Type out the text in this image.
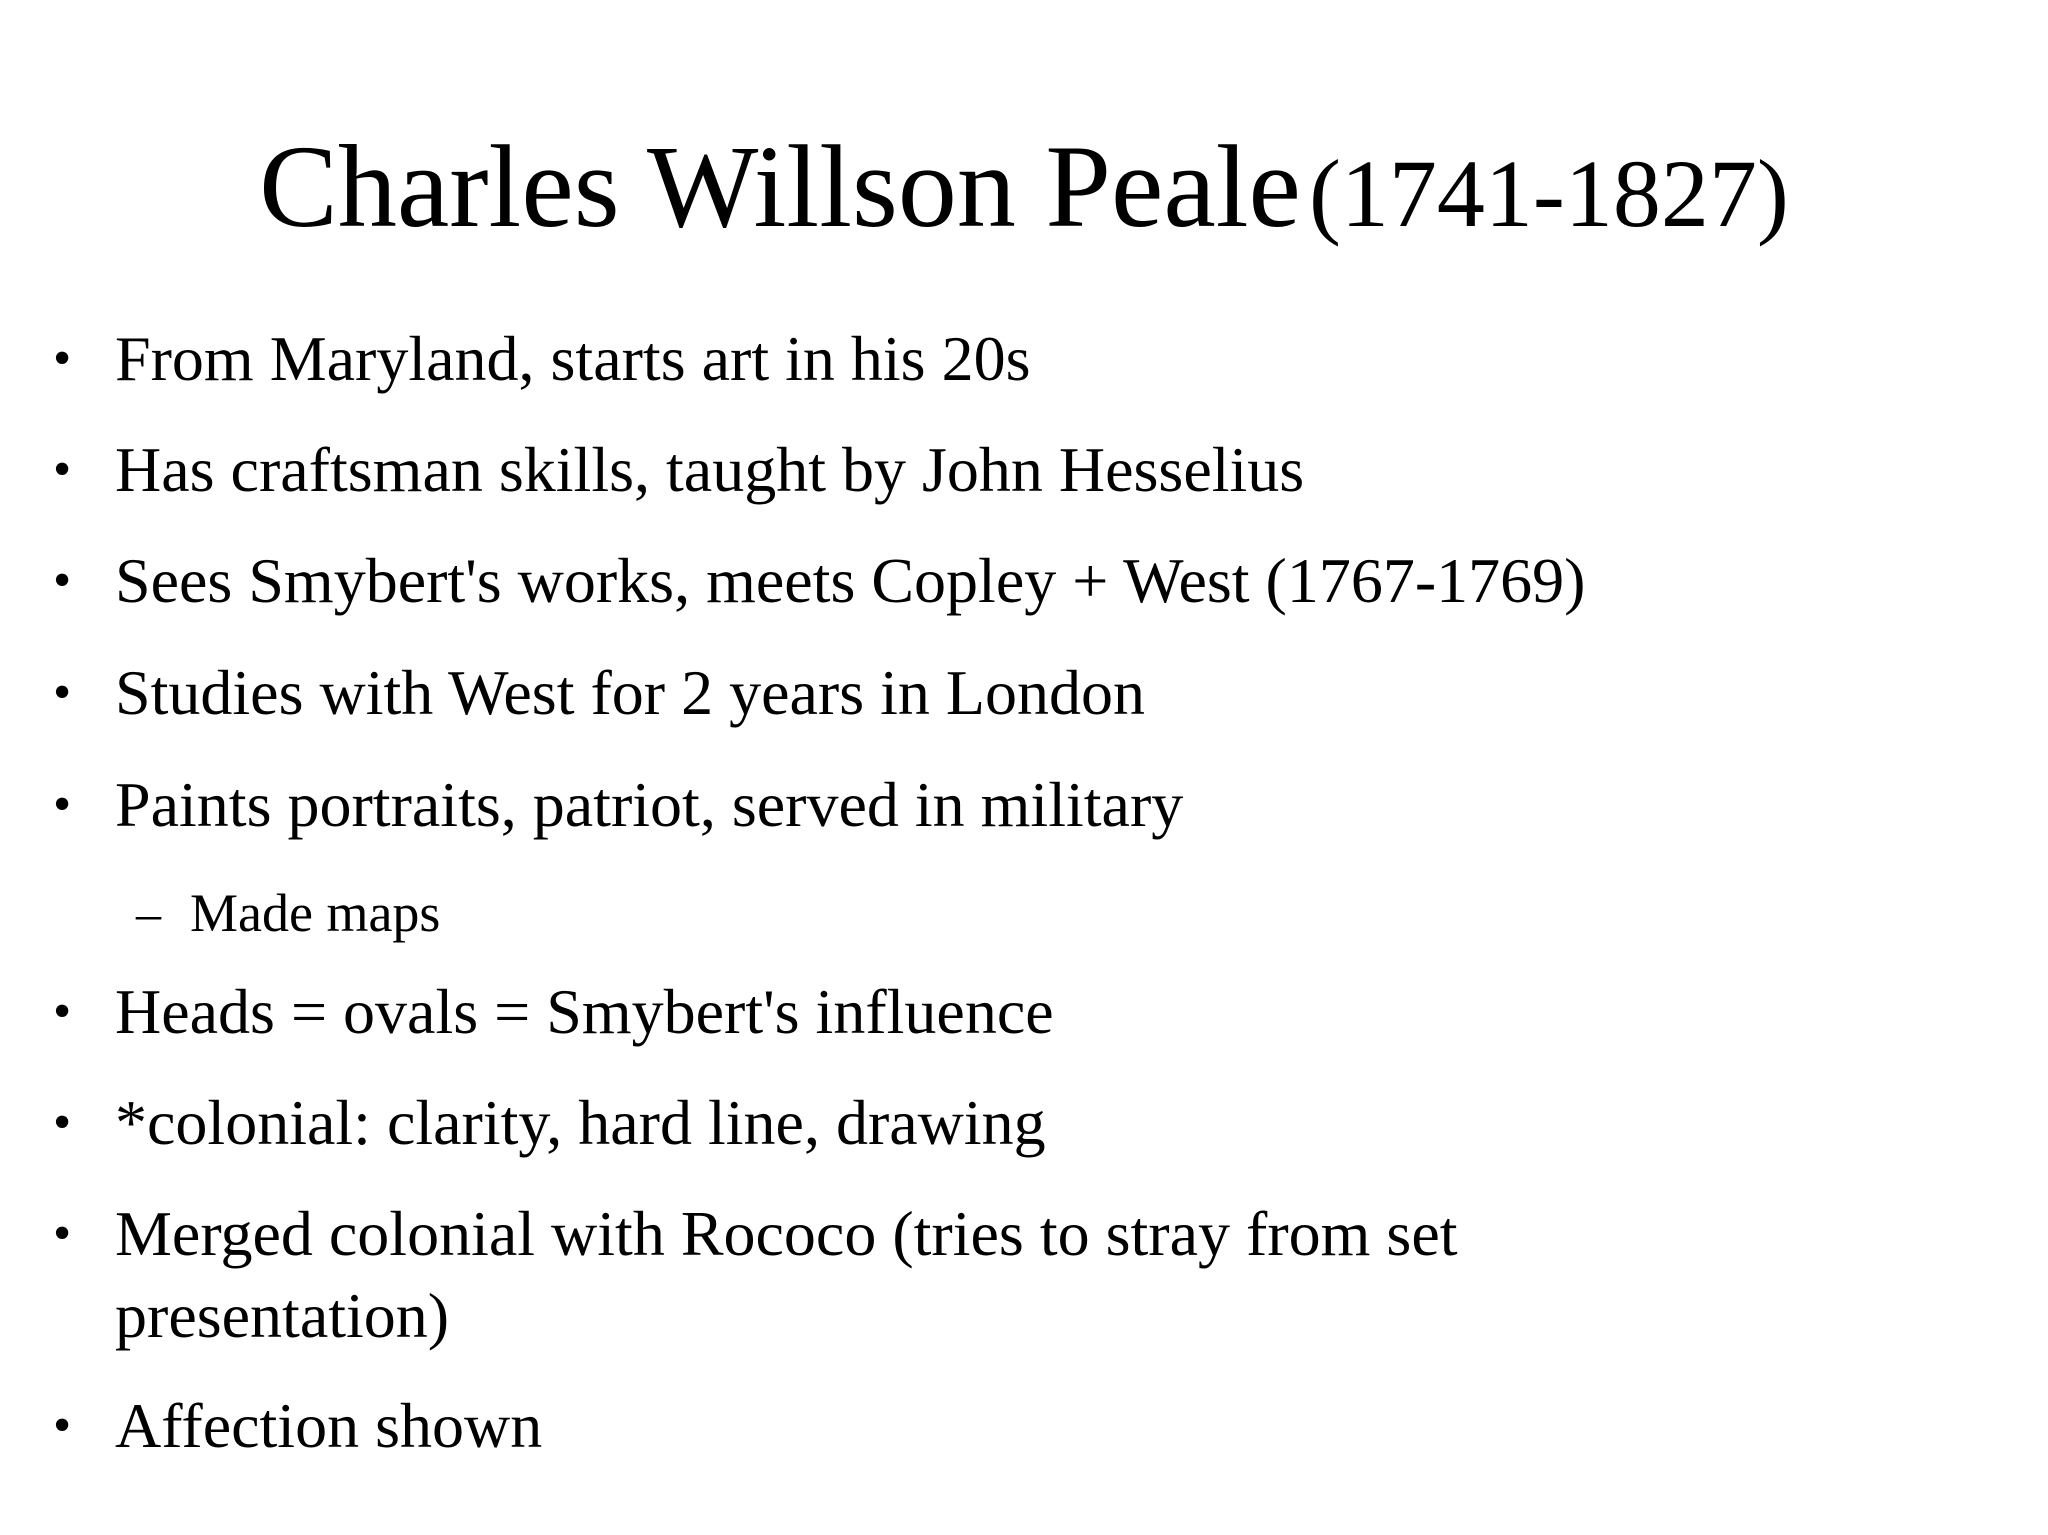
Charles Willson Peale (1741-1827)
• From Maryland, starts art in his 20s
• Has craftsman skills, taught by John Hesselius
• Sees Smybert's works, meets Copley + West (1767-1769)
• Studies with West for 2 years in London
• Paints portraits, patriot, served in military
– Made maps
• Heads = ovals = Smybert's influence
• *colonial: clarity, hard line, drawing
• Merged colonial with Rococo (tries to stray from set presentation)
• Affection shown
